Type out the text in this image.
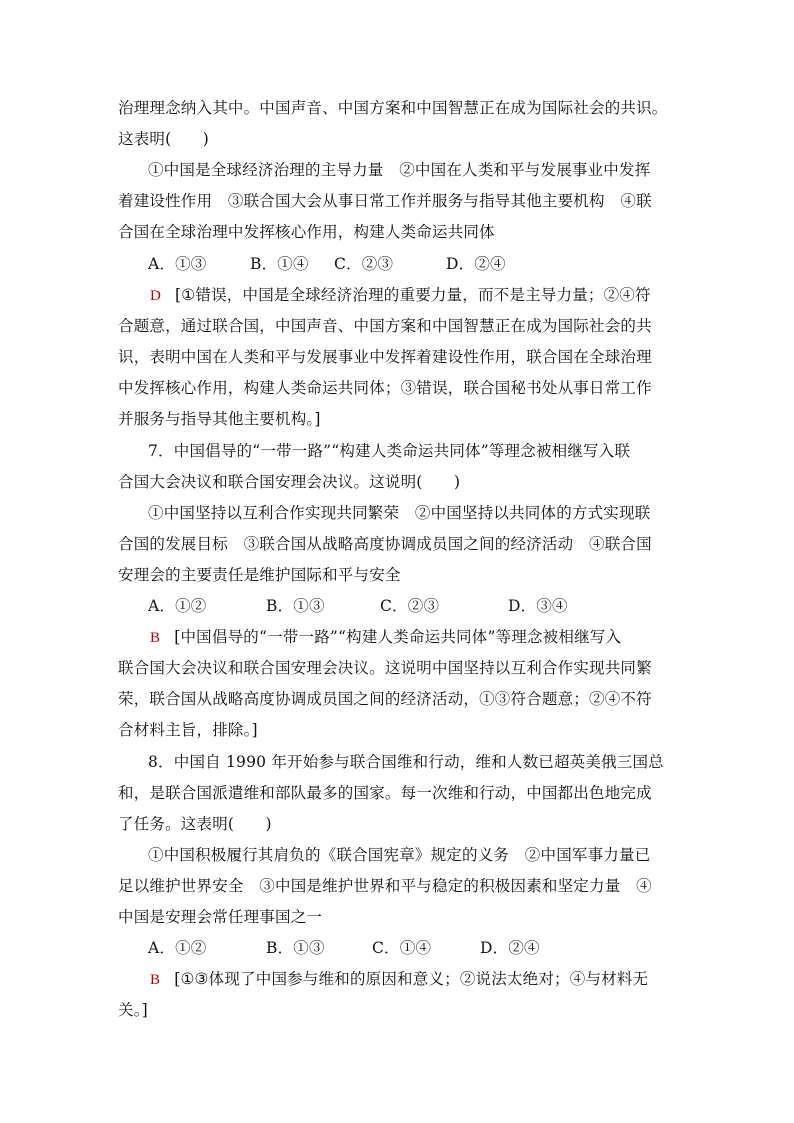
治理理念纳入其中。中国声音、中国方案和中国智慧正在成为国际社会的共识。
这表明(　　)
①中国是全球经济治理的主导力量　②中国在人类和平与发展事业中发挥
着建设性作用　③联合国大会从事日常工作并服务与指导其他主要机构　④联
合国在全球治理中发挥核心作用，构建人类命运共同体
A．①③	B．①④ C．②③	D．②④
D [①错误，中国是全球经济治理的重要力量，而不是主导力量；②④符
合题意，通过联合国，中国声音、中国方案和中国智慧正在成为国际社会的共
识，表明中国在人类和平与发展事业中发挥着建设性作用，联合国在全球治理
中发挥核心作用，构建人类命运共同体；③错误，联合国秘书处从事日常工作
并服务与指导其他主要机构。]
7．中国倡导的“一带一路”“构建人类命运共同体”等理念被相继写入联
合国大会决议和联合国安理会决议。这说明(　　)
①中国坚持以互利合作实现共同繁荣　②中国坚持以共同体的方式实现联
合国的发展目标　③联合国从战略高度协调成员国之间的经济活动　④联合国
安理会的主要责任是维护国际和平与安全
A．①②	B．①③	C．②③	D．③④
B [中国倡导的“一带一路”“构建人类命运共同体”等理念被相继写入
联合国大会决议和联合国安理会决议。这说明中国坚持以互利合作实现共同繁
荣，联合国从战略高度协调成员国之间的经济活动，①③符合题意；②④不符
合材料主旨，排除。]
8．中国自 1990 年开始参与联合国维和行动，维和人数已超英美俄三国总
和，是联合国派遣维和部队最多的国家。每一次维和行动，中国都出色地完成
了任务。这表明(　　)
①中国积极履行其肩负的《联合国宪章》规定的义务　②中国军事力量已
足以维护世界安全　③中国是维护世界和平与稳定的积极因素和坚定力量　④
中国是安理会常任理事国之一
A．①②	B．①③	C．①④	D．②④
B [①③体现了中国参与维和的原因和意义；②说法太绝对；④与材料无
关。]
